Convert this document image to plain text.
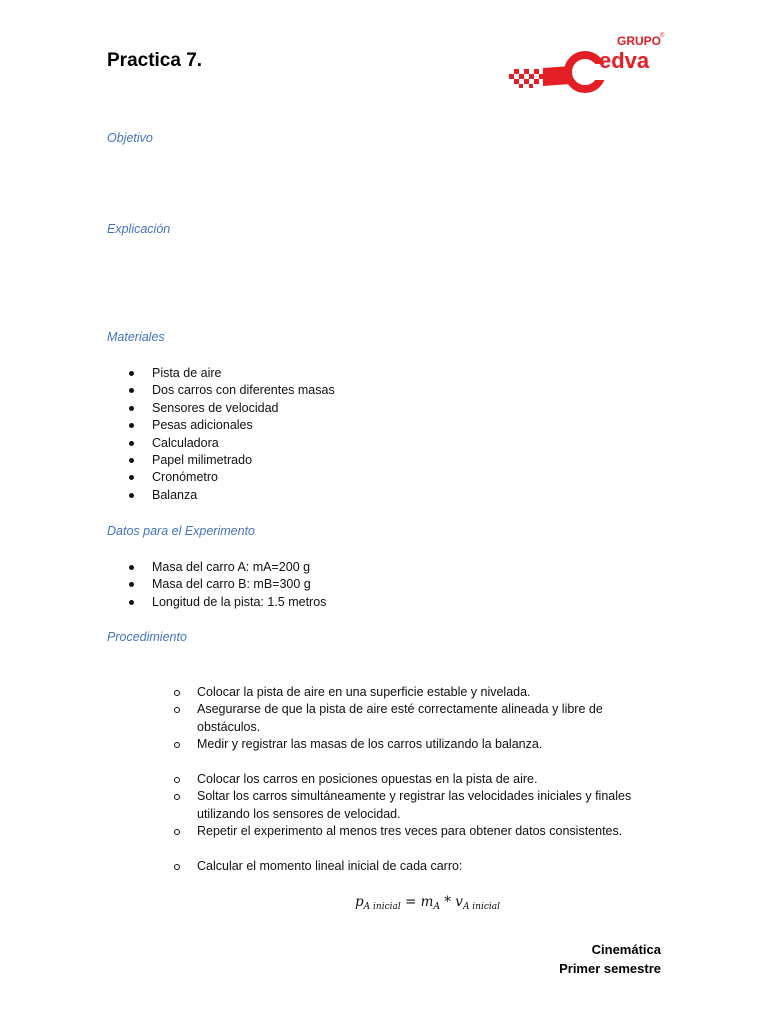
Practica 7.
GRUPO
®
edva
Objetivo
Explicación
Materiales
Pista de aire
Dos carros con diferentes masas
Sensores de velocidad
Pesas adicionales
Calculadora
Papel milimetrado
Cronómetro
Balanza
Datos para el Experimento
Masa del carro A: mA=200 g
Masa del carro B: mB=300 g
Longitud de la pista: 1.5 metros
Procedimiento
Colocar la pista de aire en una superficie estable y nivelada.
Asegurarse de que la pista de aire esté correctamente alineada y libre de obstáculos.
Medir y registrar las masas de los carros utilizando la balanza.
Colocar los carros en posiciones opuestas en la pista de aire.
Soltar los carros simultáneamente y registrar las velocidades iniciales y finales utilizando los sensores de velocidad.
Repetir el experimento al menos tres veces para obtener datos consistentes.
Calcular el momento lineal inicial de cada carro:
$p_{A inicial} = m_A * v_{A inicial}$

Cinemática

Primer semestre
